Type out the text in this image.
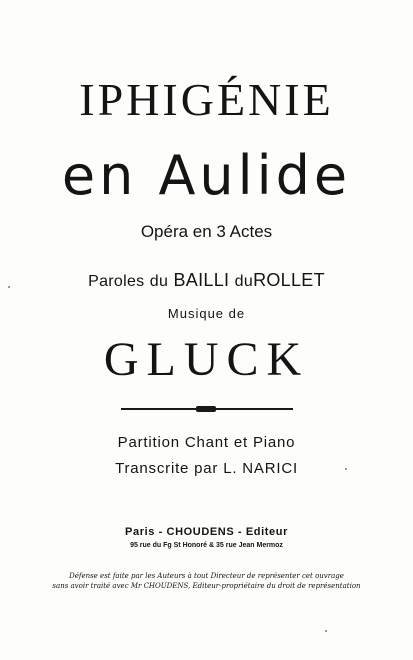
IPHIGÉNIE
en Aulide
Opéra en 3 Actes
Paroles du BAILLI duROLLET
Musique de
GLUCK
Partition Chant et Piano
Transcrite par L. NARICI
Paris - CHOUDENS - Editeur
95 rue du Fg St Honoré & 35 rue Jean Mermoz
Défense est faite par les Auteurs à tout Directeur de représenter cet ouvrage
sans avoir traité avec Mr CHOUDENS, Editeur-propriétaire du droit de représentation
